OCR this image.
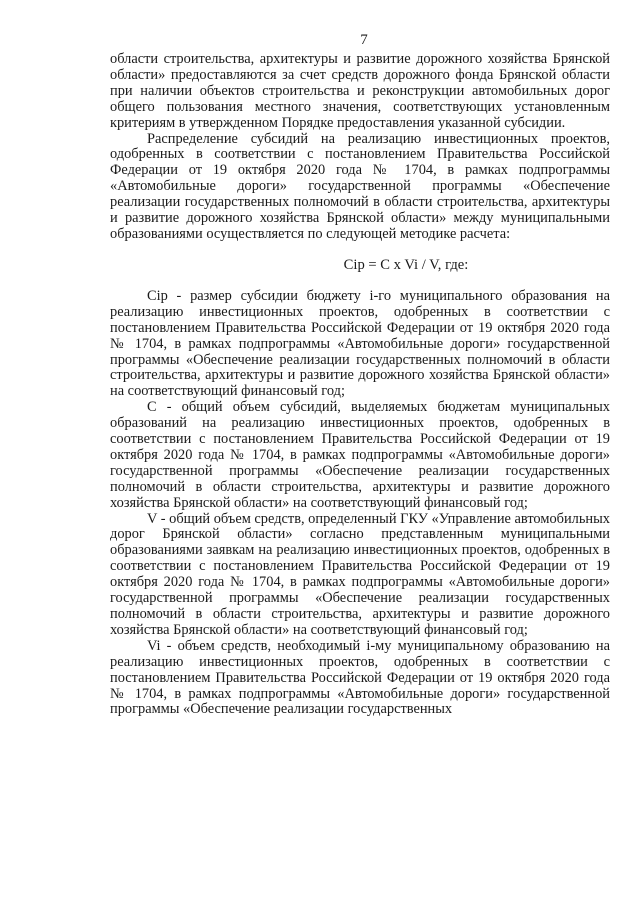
7

области строительства, архитектуры и развитие дорожного хозяйства Брянской области» предоставляются за счет средств дорожного фонда Брянской области при наличии объектов строительства и реконструкции автомобильных дорог общего пользования местного значения, соответствующих установленным критериям в утвержденном Порядке предоставления указанной субсидии.

Распределение субсидий на реализацию инвестиционных проектов, одобренных в соответствии с постановлением Правительства Российской Федерации от 19 октября 2020 года № 1704, в рамках подпрограммы «Автомобильные дороги» государственной программы «Обеспечение реализации государственных полномочий в области строительства, архитектуры и развитие дорожного хозяйства Брянской области» между муниципальными образованиями осуществляется по следующей методике расчета:

Ciр = C x Vi / V, где:

Ciр - размер субсидии бюджету i-го муниципального образования на реализацию инвестиционных проектов, одобренных в соответствии с постановлением Правительства Российской Федерации от 19 октября 2020 года № 1704, в рамках подпрограммы «Автомобильные дороги» государственной программы «Обеспечение реализации государственных полномочий в области строительства, архитектуры и развитие дорожного хозяйства Брянской области» на соответствующий финансовый год;

C - общий объем субсидий, выделяемых бюджетам муниципальных образований на реализацию инвестиционных проектов, одобренных в соответствии с постановлением Правительства Российской Федерации от 19 октября 2020 года № 1704, в рамках подпрограммы «Автомобильные дороги» государственной программы «Обеспечение реализации государственных полномочий в области строительства, архитектуры и развитие дорожного хозяйства Брянской области» на соответствующий финансовый год;

V - общий объем средств, определенный ГКУ «Управление автомобильных дорог Брянской области» согласно представленным муниципальными образованиями заявкам на реализацию инвестиционных проектов, одобренных в соответствии с постановлением Правительства Российской Федерации от 19 октября 2020 года № 1704, в рамках подпрограммы «Автомобильные дороги» государственной программы «Обеспечение реализации государственных полномочий в области строительства, архитектуры и развитие дорожного хозяйства Брянской области» на соответствующий финансовый год;

Vi - объем средств, необходимый i-му муниципальному образованию на реализацию инвестиционных проектов, одобренных в соответствии с постановлением Правительства Российской Федерации от 19 октября 2020 года № 1704, в рамках подпрограммы «Автомобильные дороги» государственной программы «Обеспечение реализации государственных
